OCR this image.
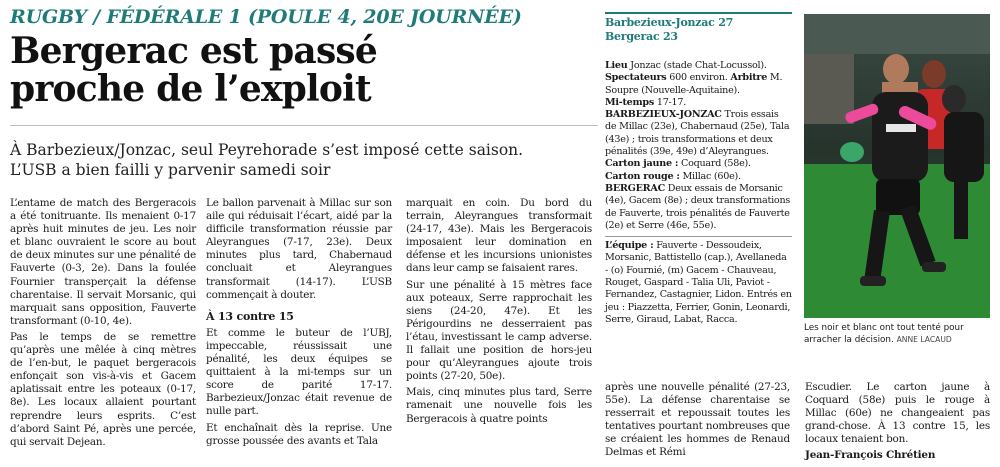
RUGBY / FÉDÉRALE 1 (POULE 4, 20E JOURNÉE)
Bergerac est passé
proche de l’exploit
À Barbezieux/Jonzac, seul Peyrehorade s’est imposé cette saison.
L’USB a bien failli y parvenir samedi soir

L’entame de match des Bergeracois a été tonitruante. Ils menaient 0-17 après huit minutes de jeu. Les noir et blanc ouvraient le score au bout de deux minutes sur une pénalité de Fauverte (0-3, 2e). Dans la foulée Fournier transperçait la défense charentaise. Il servait Morsanic, qui marquait sans opposition, Fauverte transformant (0-10, 4e).

Pas le temps de se remettre qu’après une mêlée à cinq mètres de l’en-but, le paquet bergeracois enfonçait son vis-à-vis et Gacem aplatissait entre les poteaux (0-17, 8e). Les locaux allaient pourtant reprendre leurs esprits. C’est d’abord Saint Pé, après une percée, qui servait Dejean.

Le ballon parvenait à Millac sur son aile qui réduisait l’écart, aidé par la difficile transformation réussie par Aleyrangues (7-17, 23e). Deux minutes plus tard, Chabernaud concluait et Aleyrangues transformait (14-17). L’USB commençait à douter.

À 13 contre 15

Et comme le buteur de l’UBJ, impeccable, réussissait une pénalité, les deux équipes se quittaient à la mi-temps sur un score de parité 17-17. Barbezieux/Jonzac était revenue de nulle part.

Et enchaînait dès la reprise. Une grosse poussée des avants et Tala

marquait en coin. Du bord du terrain, Aleyrangues transformait (24-17, 43e). Mais les Bergeracois imposaient leur domination en défense et les incursions unionistes dans leur camp se faisaient rares.

Sur une pénalité à 15 mètres face aux poteaux, Serre rapprochait les siens (24-20, 47e). Et les Périgourdins ne desserraient pas l’étau, investissant le camp adverse. Il fallait une position de hors-jeu pour qu’Aleyrangues ajoute trois points (27-20, 50e).

Mais, cinq minutes plus tard, Serre ramenait une nouvelle fois les Bergeracois à quatre points

Barbezieux-Jonzac 27
Bergerac 23
Lieu Jonzac (stade Chat-Locussol).
Spectateurs 600 environ. Arbitre M. Soupre (Nouvelle-Aquitaine).
Mi-temps 17-17.
BARBEZIEUX-JONZAC Trois essais de Millac (23e), Chabernaud (25e), Tala (43e) ; trois transformations et deux pénalités (39e, 49e) d’Aleyrangues.
Carton jaune : Coquard (58e).
Carton rouge : Millac (60e).
BERGERAC Deux essais de Morsanic (4e), Gacem (8e) ; deux transformations de Fauverte, trois pénalités de Fauverte (2e) et Serre (46e, 55e).
L’équipe : Fauverte - Dessoudeix, Morsanic, Battistello (cap.), Avellaneda - (o) Fournié, (m) Gacem - Chauveau, Rouget, Gaspard - Talia Uli, Paviot - Fernandez, Castagnier, Lidon. Entrés en jeu : Piazzetta, Ferrier, Gonin, Leonardi, Serre, Giraud, Labat, Racca.

après une nouvelle pénalité (27-23, 55e). La défense charentaise se resserrait et repoussait toutes les tentatives pourtant nombreuses que se créaient les hommes de Renaud Delmas et Rémi

Les noir et blanc ont tout tenté pour arracher la décision. ANNE LACAUD

Escudier. Le carton jaune à Coquard (58e) puis le rouge à Millac (60e) ne changeaient pas grand-chose. À 13 contre 15, les locaux tenaient bon.

Jean-François Chrétien
